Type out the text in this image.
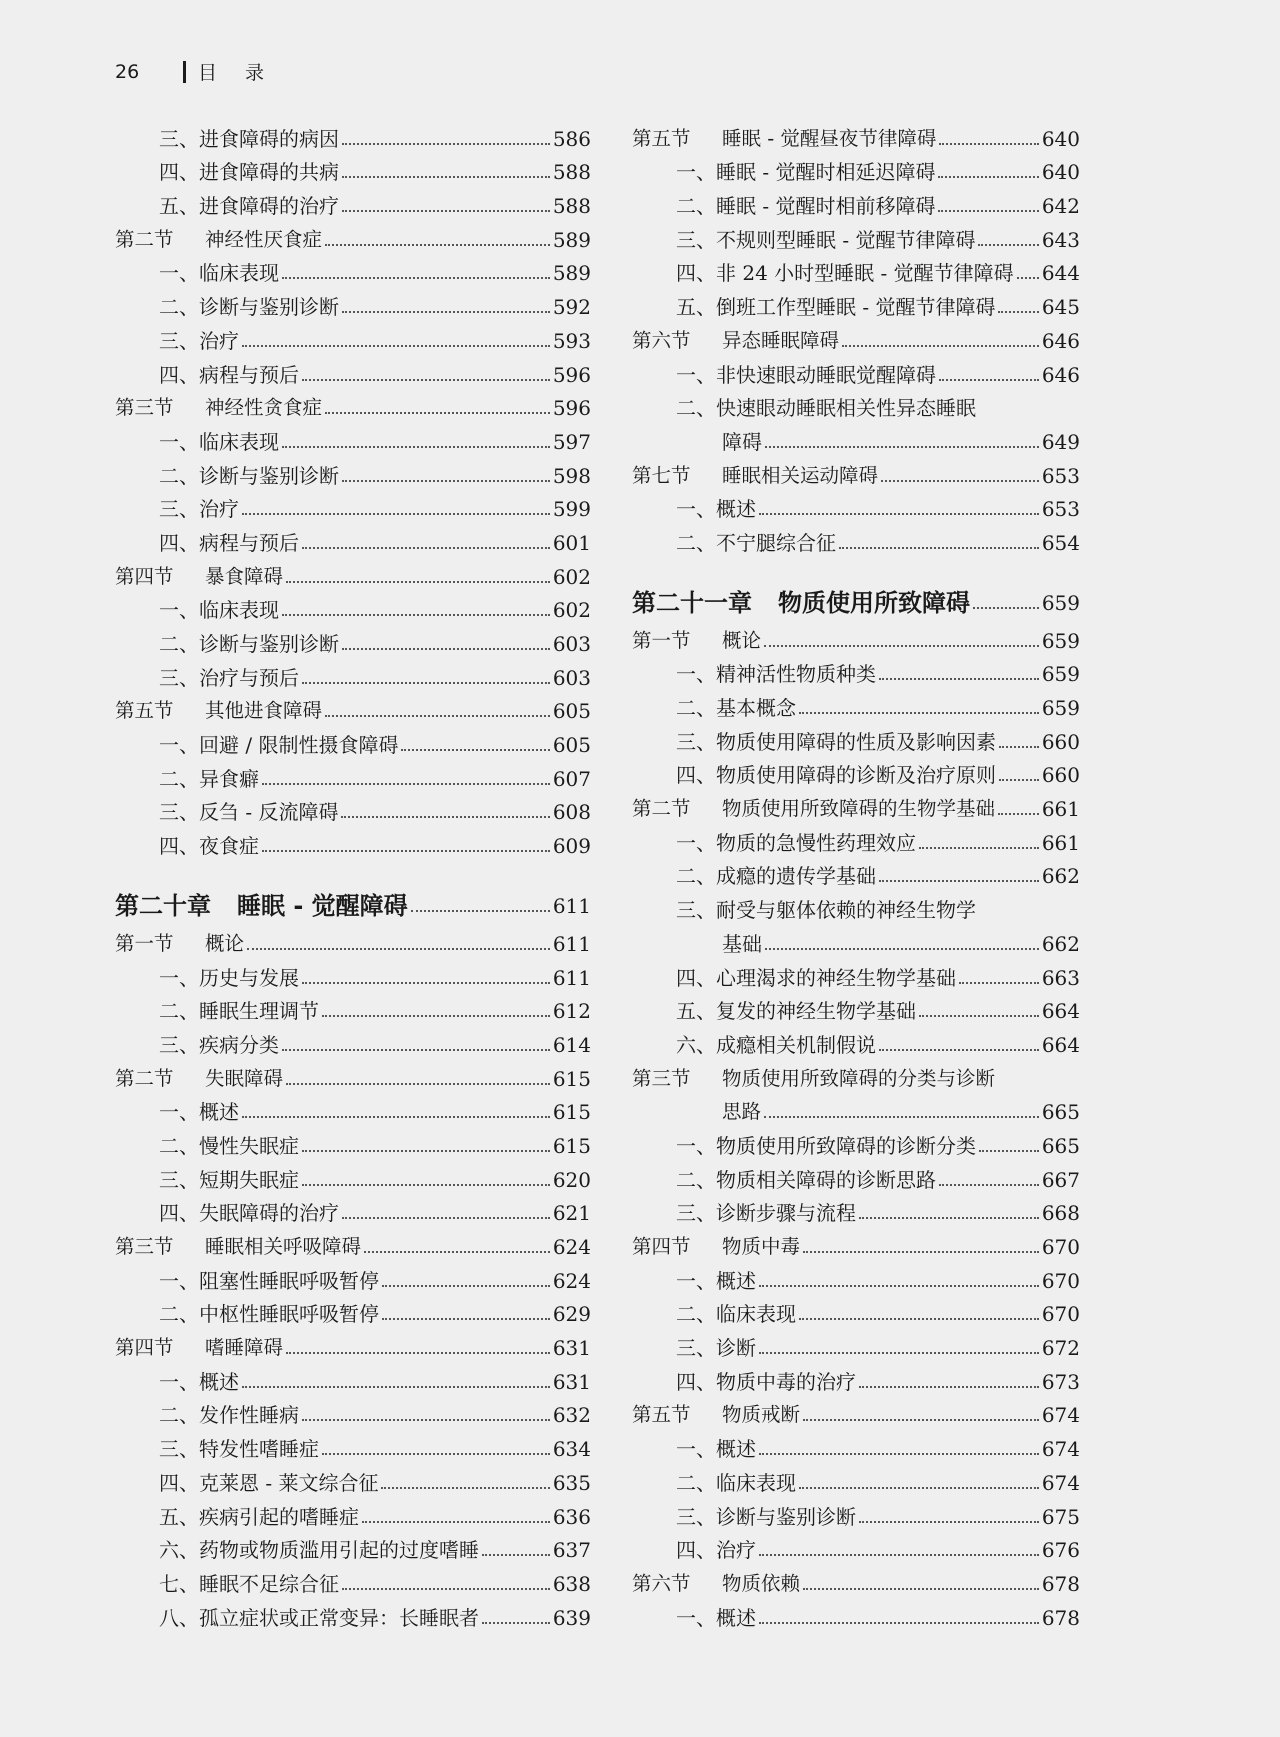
26	目录
三、进食障碍的病因	586
四、进食障碍的共病	588
五、进食障碍的治疗	588
第二节 神经性厌食症	589
一、临床表现	589
二、诊断与鉴别诊断	592
三、治疗	593
四、病程与预后	596
第三节 神经性贪食症	596
一、临床表现	597
二、诊断与鉴别诊断	598
三、治疗	599
四、病程与预后	601
第四节 暴食障碍	602
一、临床表现	602
二、诊断与鉴别诊断	603
三、治疗与预后	603
第五节 其他进食障碍	605
一、回避 / 限制性摄食障碍	605
二、异食癖	607
三、反刍 - 反流障碍	608
四、夜食症	609
第二十章 睡眠 - 觉醒障碍	611
第一节 概论	611
一、历史与发展	611
二、睡眠生理调节	612
三、疾病分类	614
第二节 失眠障碍	615
一、概述	615
二、慢性失眠症	615
三、短期失眠症	620
四、失眠障碍的治疗	621
第三节 睡眠相关呼吸障碍	624
一、阻塞性睡眠呼吸暂停	624
二、中枢性睡眠呼吸暂停	629
第四节 嗜睡障碍	631
一、概述	631
二、发作性睡病	632
三、特发性嗜睡症	634
四、克莱恩 - 莱文综合征	635
五、疾病引起的嗜睡症	636
六、药物或物质滥用引起的过度嗜睡	637
七、睡眠不足综合征	638
八、孤立症状或正常变异：长睡眠者	639
第五节 睡眠 - 觉醒昼夜节律障碍	640
一、睡眠 - 觉醒时相延迟障碍	640
二、睡眠 - 觉醒时相前移障碍	642
三、不规则型睡眠 - 觉醒节律障碍	643
四、非 24 小时型睡眠 - 觉醒节律障碍 644
五、倒班工作型睡眠 - 觉醒节律障碍 645
第六节 异态睡眠障碍	646
一、非快速眼动睡眠觉醒障碍	646
二、快速眼动睡眠相关性异态睡眠
障碍	649
第七节 睡眠相关运动障碍	653
一、概述	653
二、不宁腿综合征	654
第二十一章 物质使用所致障碍	659
第一节 概论	659
一、精神活性物质种类	659
二、基本概念	659
三、物质使用障碍的性质及影响因素 660
四、物质使用障碍的诊断及治疗原则 660
第二节 物质使用所致障碍的生物学基础 661
一、物质的急慢性药理效应	661
二、成瘾的遗传学基础	662
三、耐受与躯体依赖的神经生物学
基础	662
四、心理渴求的神经生物学基础	663
五、复发的神经生物学基础	664
六、成瘾相关机制假说	664
第三节 物质使用所致障碍的分类与诊断
思路	665
一、物质使用所致障碍的诊断分类	665
二、物质相关障碍的诊断思路	667
三、诊断步骤与流程	668
第四节 物质中毒	670
一、概述	670
二、临床表现	670
三、诊断	672
四、物质中毒的治疗	673
第五节 物质戒断	674
一、概述	674
二、临床表现	674
三、诊断与鉴别诊断	675
四、治疗	676
第六节 物质依赖	678
一、概述	678
